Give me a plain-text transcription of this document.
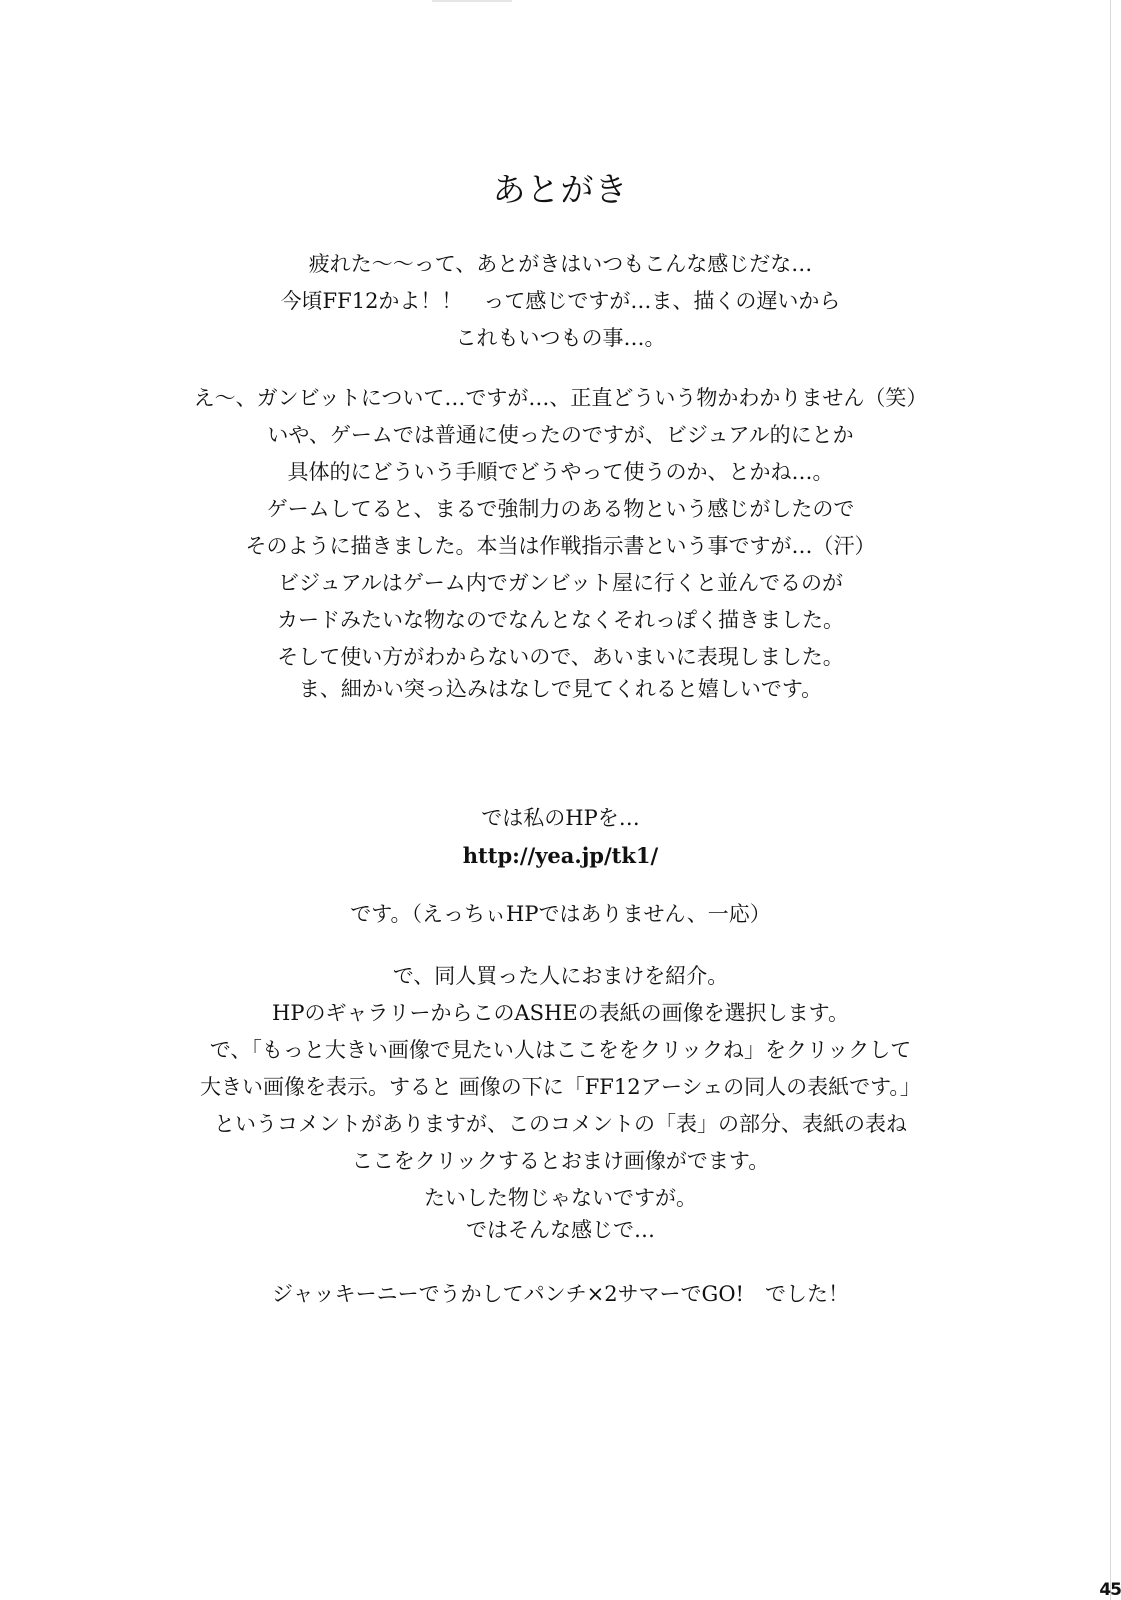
あとがき
疲れた〜〜って、あとがきはいつもこんな感じだな…
今頃FF12かよ！！　って感じですが…ま、描くの遅いから
これもいつもの事…。
え〜、ガンビットについて…ですが…、正直どういう物かわかりません（笑）
いや、ゲームでは普通に使ったのですが、ビジュアル的にとか
具体的にどういう手順でどうやって使うのか、とかね…。
ゲームしてると、まるで強制力のある物という感じがしたので
そのように描きました。本当は作戦指示書という事ですが…（汗）
ビジュアルはゲーム内でガンビット屋に行くと並んでるのが
カードみたいな物なのでなんとなくそれっぽく描きました。
そして使い方がわからないので、あいまいに表現しました。
ま、細かい突っ込みはなしで見てくれると嬉しいです。
では私のHPを…
http://yea.jp/tk1/
です。（えっちぃHPではありません、一応）
で、同人買った人におまけを紹介。
HPのギャラリーからこのASHEの表紙の画像を選択します。
で、「もっと大きい画像で見たい人はここををクリックね」をクリックして
大きい画像を表示。すると 画像の下に「FF12アーシェの同人の表紙です。」
というコメントがありますが、このコメントの「表」の部分、表紙の表ね
ここをクリックするとおまけ画像がでます。
たいした物じゃないですが。
ではそんな感じで…
ジャッキーニーでうかしてパンチ×2サマーでGO!　でした！
45
